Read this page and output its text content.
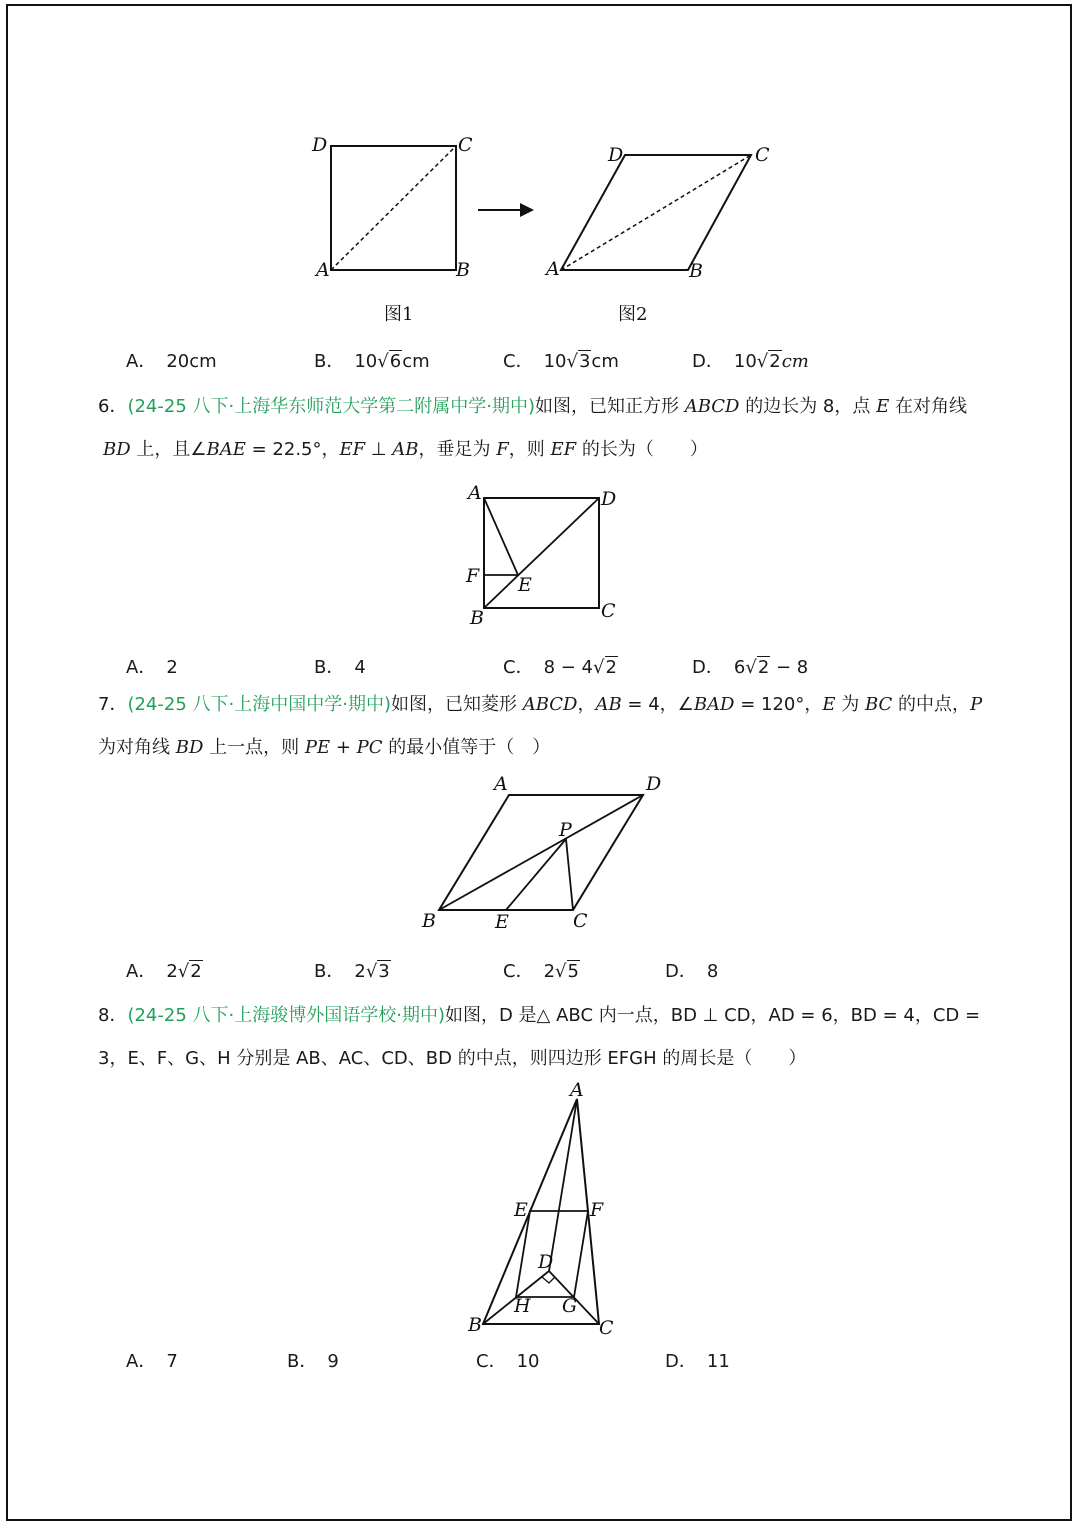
D	C
A	B
图1
D	C
A	B
图2
A． 20cm	B． 10√6cm	C． 10√3cm	D． 10√2cm
6．(24-25 八下·上海华东师范大学第二附属中学·期中)如图，已知正方形 ABCD 的边长为 8，点 E 在对角线
BD 上，且∠BAE = 22.5°，EF ⊥ AB，垂足为 F，则 EF 的长为（　　）
A	D
F E
B	C
A． 2	B． 4	C． 8 − 4√2	D． 6√2 − 8
7．(24-25 八下·上海中国中学·期中)如图，已知菱形 ABCD，AB = 4，∠BAD = 120°，E 为 BC 的中点，P
为对角线 BD 上一点，则 PE + PC 的最小值等于（　）
A	D
P
B	E	C
A． 2√2	B． 2√3	C． 2√5	D． 8
8．(24-25 八下·上海骏博外国语学校·期中)如图，D 是△ ABC 内一点，BD ⊥ CD，AD = 6，BD = 4，CD =
3，E、F、G、H 分别是 AB、AC、CD、BD 的中点，则四边形 EFGH 的周长是（　　）
A
E	F
D
H G
B	C
A． 7	B． 9	C． 10	D． 11
